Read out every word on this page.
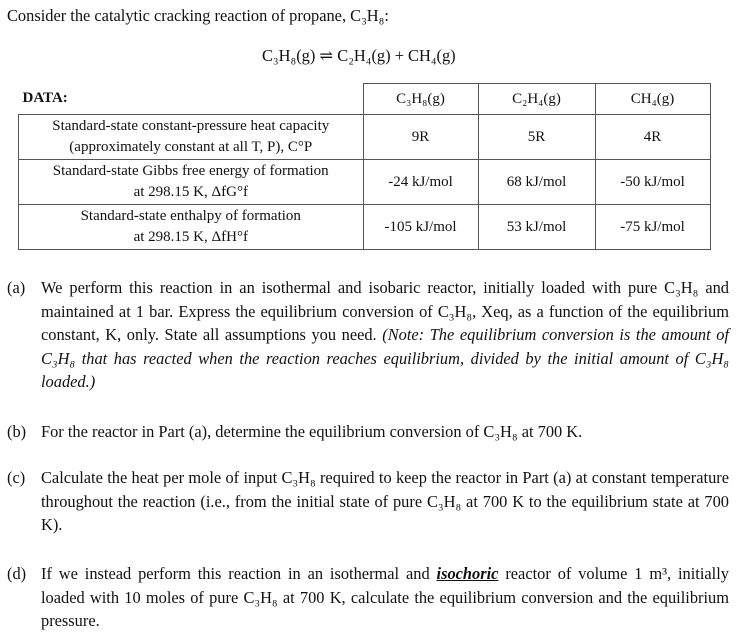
Consider the catalytic cracking reaction of propane, C₃H₈:
C₃H₈(g) ⇌ C₂H₄(g) + CH₄(g)
DATA:	C₃H₈(g)	C₂H₄(g)	CH₄(g)

Standard-state constant-pressure heat capacity
(approximately constant at all T, P), C°P	9R	5R	4R

Standard-state Gibbs free energy of formation
at 298.15 K, ΔfG°f	-24 kJ/mol	68 kJ/mol	-50 kJ/mol

Standard-state enthalpy of formation
at 298.15 K, ΔfH°f	-105 kJ/mol	53 kJ/mol	-75 kJ/mol
(a) We perform this reaction in an isothermal and isobaric reactor, initially loaded with pure C₃H₈ and maintained at 1 bar. Express the equilibrium conversion of C₃H₈, Xeq, as a function of the equilibrium constant, K, only. State all assumptions you need. (Note: The equilibrium conversion is the amount of C₃H₈ that has reacted when the reaction reaches equilibrium, divided by the initial amount of C₃H₈ loaded.)
(b) For the reactor in Part (a), determine the equilibrium conversion of C₃H₈ at 700 K.
(c) Calculate the heat per mole of input C₃H₈ required to keep the reactor in Part (a) at constant temperature throughout the reaction (i.e., from the initial state of pure C₃H₈ at 700 K to the equilibrium state at 700 K).
(d) If we instead perform this reaction in an isothermal and isochoric reactor of volume 1 m³, initially loaded with 10 moles of pure C₃H₈ at 700 K, calculate the equilibrium conversion and the equilibrium pressure.
